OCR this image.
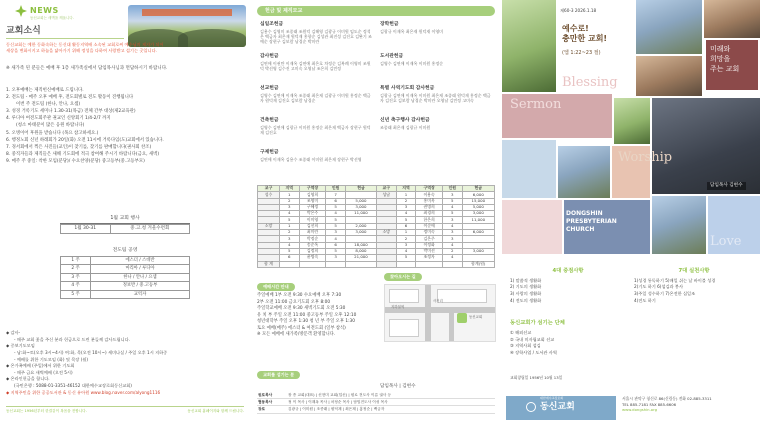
NEWS
동신교회는 새벽을 깨웁니다.
교회소식

동신교회는 예한 동화속하는 동신대 활동지역배 소속된 교회로써 예수님의 제자가 되어

세상을 변화시키고 하늘을 닮아가기 위해 정성을 다하여 사랑받고 섬기는 곳입니다.

※ 새가족 된 분들은 예배 후 1층 새가족실에서 담임목사님과 면담하시기 바랍니다.
1. 오후예배는 제직헌신예배로 드립니다.
2. 전도팀 - 매주 오후 예배 후, 전도회별로 전도 활동이 진행됩니다
이번 주 전도팀 (한나, 안나, 요셉)
3. 성경 거룩기도 세미나 1.30-31(목금) 전체 간부 대상(제2교육관)
4. 루디아 여전도회주관 권교인 신앙회기 1/4-2/7 까지
(청소 마태분이 많은 응원 바랍니다)
5. 오병이어 후원을 받습니다 (목요 참고하세요.)
6. 행정노회 신년 하례회가 20일(화) 오전 11시에 거룩다임(도)교회에서 있습니다.
7. 경서회에서 찍은 사진들(교인)이 찾기를, 찾기를 판매합니다(권사회 찬조)
8. 중직자들과 제직들은 새해 기도회에 적극 참여해 주시기 바랍니다(금요, 새벽)
9. 매주 주 중일: 착한 모임(분당)/ 수요찬양(분당) 중고등부(중.고등부모)
1월 교회 행사
1월 30-31	중.고.청 겨울수련회
전도팀 공영
1 주	에스더 / 스데반
2 주	마리아 / 루디아
3 주	한나 / 안나 / 요셉
4 주	정보반 / 중.고등부
5 주	교역자

◆ 감사-

- 매주 교회 꽃을 주신 분과 헌금으로 드린 분들께 감사드립니다.

◆ 중보기도모임

- 남:화~토(오후 3시~4시) 여:화, 목(오전 10시~) 세미나실 / 주일 오후 1시 지하중

- 예배를 위한 기도모임 (화) 및 목장 (월)

◆ 온가족예배 (주일)에서 위한 기도회

- 매주 금요 새벽예배 (오전 5시)

◆ 온라인헌금을 합니다.

(국민은행 : 5088-01-3351-46152 대한예수교장로회동신교회)

◆ 지역주민을 위한 공공도서관 & 동신 유아원 www.blog.naver.com/alyong1116

동신교회는 1956년부터 한결같이 복음을 전합니다.	동신교회 홈페이지와 함께 드립니다.
헌금 및 제직모교
십일조헌금
김용수 김영미 조종래 조원덕 김해영 김광규 이미원 임도순 정석은 백금자 최은재 원덕재 홍향순 김성관 최진성 김진호 김완기 조예순 장현구 김보람 남경순 박미란
감사헌금
김연애 이권만 이재옥 김연애 최은호 차정순 김복례 이영미 조원덕 박선영 김수진 고미숙 오영남 조은희 김민정
선교헌금
김영수 김연애 이재옥 조종래 최은재 김광규 이미원 홍정순 백금자 원덕재 김진호 김보람 남경순
건축헌금
김영수 김연애 김광규 이미원 홍정순 최은재 백금자 장현구 원덕재 김진호
구제헌금
김연애 이재옥 김용수 조종래 이미원 최은재 장현구 박선영
장학헌금
김광규 이재옥 최은재 원덕재 이영미
도서관헌금
김영수 김연애 이재옥 이미원 홍정순
특별 사역기도회 감사헌금
김광규 김연애 이재옥 이미원 최은재 조종래 원덕재 홍정순 백금자 김진호 김보람 남경순 박미란 오영남 김민정 고미숙
신년 축구행사 감사헌금
조종래 최은재 김광규 이미원
교구	지역	구역장	인원	헌금	교구	지역	구역장	인원	헌금
성수	1	김영희	7		성남	1	이용숙	3	6,000
	2	조영미	6	5,000		2	홍미옥	5	15,000
	3	구혜정	5	3,000		3	권명희	4	5,000
	4	박은주	4	11,000		4	최경희	5	3,000
	5	이미영	5			5	한은희	3	11,000
소망	1	김선희	5	2,000		6	이순애	4	
	2	최미란	3	3,000	소망	1	정미숙	3	6,000
	3	박정순	4			2	김은주	3	
	4	송순옥	6	18,000		3	이정화	4	
	5	김정희	5	8,000		4	박미선	2	3,000
	6	윤명숙	3	21,000		5	조정자	4	
합 계									합계(원)
예배시간 안내

주일예배 1부 오전 9:30 수요예배 오후 7:30

2부 오전 11:00 금요기도회 오후 8:00

주일학교예배 오전 9:30 새벽기도회 오전 5:30

유 치 부 주일 오전 11:00 중고등부 주일 오후 12:10

청년대학부 주일 오후 1:30 청 년 부 주일 오후 1:30

토요 예배(매주) 에스더 & 여전도회 (일부 참석)

※ 모든 예배에 새가족/방문객 환영합니다.

찾아오시는 길
동신교회
사거리
지하철역
교회를 섬기는 분
담임목사 | 김현수
원로목사	장 종 교회(대표) | 신현미 교회(입신) | 원로 전도사 이름 권사 등
협동목사	정 이 목사 | 이재옥 목사 | 차정순 목사 | 담임전도사 이성 목사
장로	김광규 | 이미원 | 조종래 | 원덕재 | 최은재 | 홍정순 | 백금자
제60-3 2026.1.18
예수로!
충만한 교회!
(엡 1:22~23 절)
Blessing
Sermon
Worship
Love
미래와
희망을
주는 교회
담임목사 김현수
DONGSHIN PRESBYTERIAN CHURCH
4대 중점사항

1) 말씀적 생활화

2) 기도의 생활화

3) 사랑의 생활화

4) 전도의 생활화

7대 실천사항

1)성경 통독하기 5)매일 쉬는 날 바이블 성경

2)기도 하기 6)섬김과 봉사

3)주일 성수하기 7)온전한 십일조

4)전도 하기

동신교회가 섬기는 단체

① 해외선교

② 국내 미자립교회 선교

③ 지역사회 섬김

④ 장학사업 / 도서관 사역

교회창립일 1956년 10월 13일
대한예수교장로회
동신교회
서울시 관악구 청신로 86(신림동) 전화 02-885-3311
TEL 885-7181 FAX 885-6606
www.dongshin.org
